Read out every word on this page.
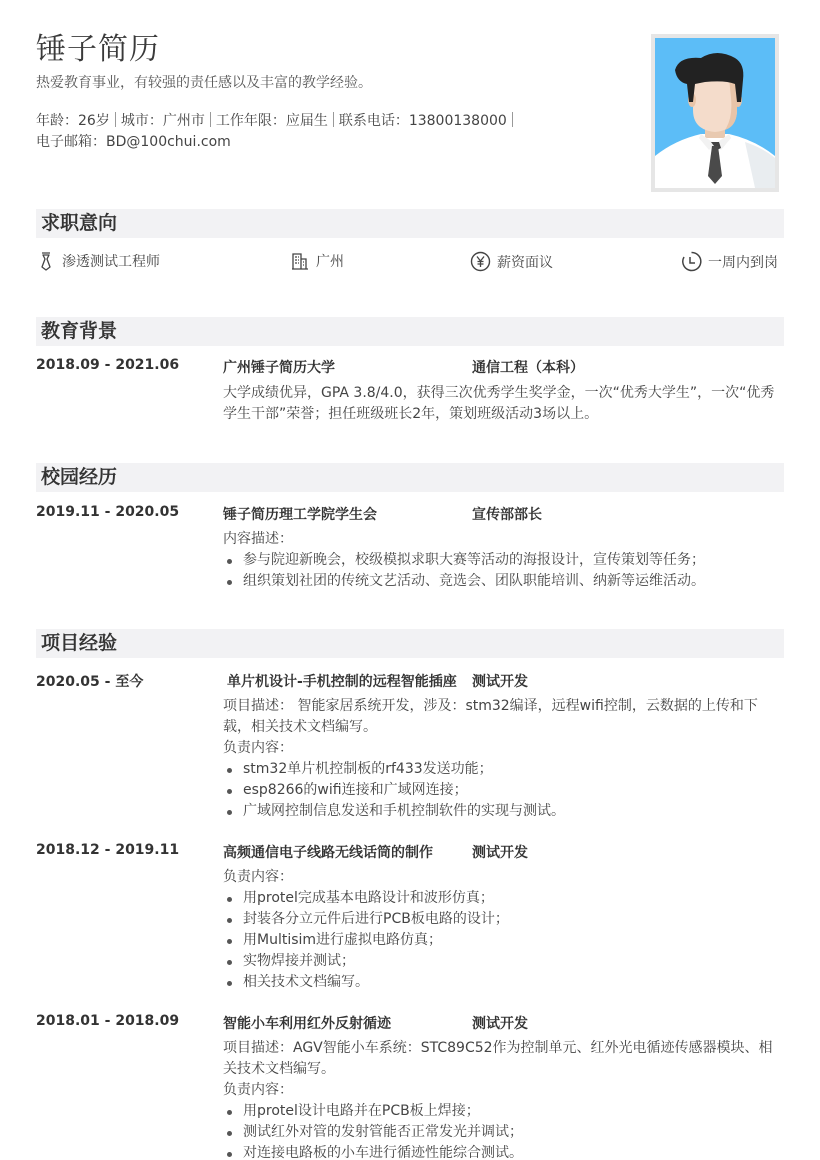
锤子简历
热爱教育事业，有较强的责任感以及丰富的教学经验。
年龄：26岁 城市：广州市 工作年限：应届生 联系电话：13800138000
电子邮箱：BD@100chui.com
求职意向
渗透测试工程师	广州	薪资面议	一周内到岗
教育背景
2018.09 - 2021.06	广州锤子简历大学	通信工程（本科）
大学成绩优异，GPA 3.8/4.0，获得三次优秀学生奖学金，一次“优秀大学生”，一次“优秀学生干部”荣誉；担任班级班长2年，策划班级活动3场以上。
校园经历
2019.11 - 2020.05	锤子简历理工学院学生会	宣传部部长
内容描述：
参与院迎新晚会，校级模拟求职大赛等活动的海报设计，宣传策划等任务；
组织策划社团的传统文艺活动、竞选会、团队职能培训、纳新等运维活动。
项目经验
2020.05 - 至今	单片机设计-手机控制的远程智能插座 测试开发
项目描述： 智能家居系统开发，涉及：stm32编译，远程wifi控制，云数据的上传和下载，相关技术文档编写。
负责内容：
stm32单片机控制板的rf433发送功能；
esp8266的wifi连接和广域网连接；
广域网控制信息发送和手机控制软件的实现与测试。
2018.12 - 2019.11	高频通信电子线路无线话筒的制作	测试开发
负责内容：
用protel完成基本电路设计和波形仿真；
封装各分立元件后进行PCB板电路的设计；
用Multisim进行虚拟电路仿真；
实物焊接并测试；
相关技术文档编写。
2018.01 - 2018.09	智能小车利用红外反射循迹	测试开发
项目描述：AGV智能小车系统：STC89C52作为控制单元、红外光电循迹传感器模块、相关技术文档编写。
负责内容：
用protel设计电路并在PCB板上焊接；
测试红外对管的发射管能否正常发光并调试；
对连接电路板的小车进行循迹性能综合测试。
